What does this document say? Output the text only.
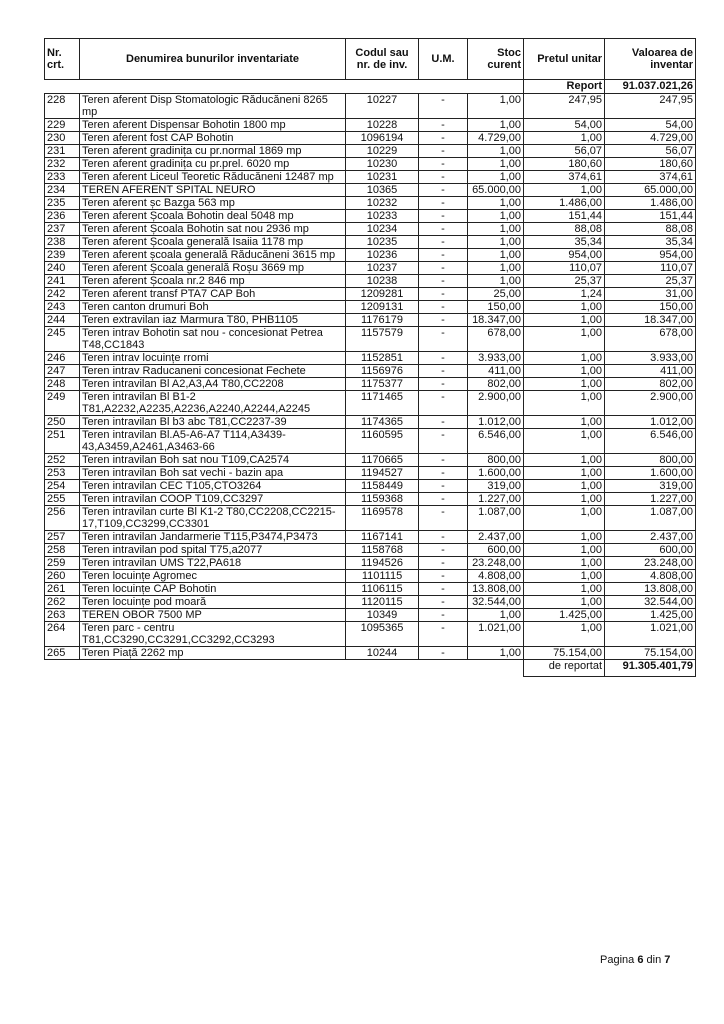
Nr. crt.	Denumirea bunurilor inventariate	Codul sau nr. de inv.	U.M.	Stoc curent	Pretul unitar	Valoarea de inventar
					Report	91.037.021,26
228	Teren aferent Disp Stomatologic Răducăneni 8265 mp	10227	-	1,00	247,95	247,95
229	Teren aferent Dispensar Bohotin 1800 mp	10228	-	1,00	54,00	54,00
230	Teren aferent fost CAP Bohotin	1096194	-	4.729,00	1,00	4.729,00
231	Teren aferent gradinița cu pr.normal 1869 mp	10229	-	1,00	56,07	56,07
232	Teren aferent gradinița cu pr.prel. 6020 mp	10230	-	1,00	180,60	180,60
233	Teren aferent Liceul Teoretic Răducăneni 12487 mp	10231	-	1,00	374,61	374,61
234	TEREN AFERENT SPITAL NEURO	10365	-	65.000,00	1,00	65.000,00
235	Teren aferent șc Bazga 563 mp	10232	-	1,00	1.486,00	1.486,00
236	Teren aferent Școala Bohotin deal 5048 mp	10233	-	1,00	151,44	151,44
237	Teren aferent Școala Bohotin sat nou 2936 mp	10234	-	1,00	88,08	88,08
238	Teren aferent Școala generală Isaiia 1178 mp	10235	-	1,00	35,34	35,34
239	Teren aferent școala generală Răducăneni 3615 mp	10236	-	1,00	954,00	954,00
240	Teren aferent Școala generală Roșu 3669 mp	10237	-	1,00	110,07	110,07
241	Teren aferent Școala nr.2 846 mp	10238	-	1,00	25,37	25,37
242	Teren aferent transf PTA7 CAP Boh	1209281	-	25,00	1,24	31,00
243	Teren canton drumuri Boh	1209131	-	150,00	1,00	150,00
244	Teren extravilan iaz Marmura T80, PHB1105	1176179	-	18.347,00	1,00	18.347,00
245	Teren intrav Bohotin sat nou - concesionat Petrea T48,CC1843	1157579	-	678,00	1,00	678,00
246	Teren intrav locuințe rromi	1152851	-	3.933,00	1,00	3.933,00
247	Teren intrav Raducaneni concesionat Fechete	1156976	-	411,00	1,00	411,00
248	Teren intravilan Bl A2,A3,A4 T80,CC2208	1175377	-	802,00	1,00	802,00
249	Teren intravilan Bl B1-2 T81,A2232,A2235,A2236,A2240,A2244,A2245	1171465	-	2.900,00	1,00	2.900,00
250	Teren intravilan Bl b3 abc T81,CC2237-39	1174365	-	1.012,00	1,00	1.012,00
251	Teren intravilan Bl.A5-A6-A7 T114,A3439-43,A3459,A2461,A3463-66	1160595	-	6.546,00	1,00	6.546,00
252	Teren intravilan Boh sat nou T109,CA2574	1170665	-	800,00	1,00	800,00
253	Teren intravilan Boh sat vechi - bazin apa	1194527	-	1.600,00	1,00	1.600,00
254	Teren intravilan CEC T105,CTO3264	1158449	-	319,00	1,00	319,00
255	Teren intravilan COOP T109,CC3297	1159368	-	1.227,00	1,00	1.227,00
256	Teren intravilan curte Bl K1-2 T80,CC2208,CC2215-17,T109,CC3299,CC3301	1169578	-	1.087,00	1,00	1.087,00
257	Teren intravilan Jandarmerie T115,P3474,P3473	1167141	-	2.437,00	1,00	2.437,00
258	Teren intravilan pod spital T75,a2077	1158768	-	600,00	1,00	600,00
259	Teren intravilan UMS T22,PA618	1194526	-	23.248,00	1,00	23.248,00
260	Teren locuințe Agromec	1101115	-	4.808,00	1,00	4.808,00
261	Teren locuințe CAP Bohotin	1106115	-	13.808,00	1,00	13.808,00
262	Teren locuințe pod moară	1120115	-	32.544,00	1,00	32.544,00
263	TEREN OBOR 7500 MP	10349	-	1,00	1.425,00	1.425,00
264	Teren parc - centru T81,CC3290,CC3291,CC3292,CC3293	1095365	-	1.021,00	1,00	1.021,00
265	Teren Piață 2262 mp	10244	-	1,00	75.154,00	75.154,00
					de reportat	91.305.401,79
Pagina 6 din 7
